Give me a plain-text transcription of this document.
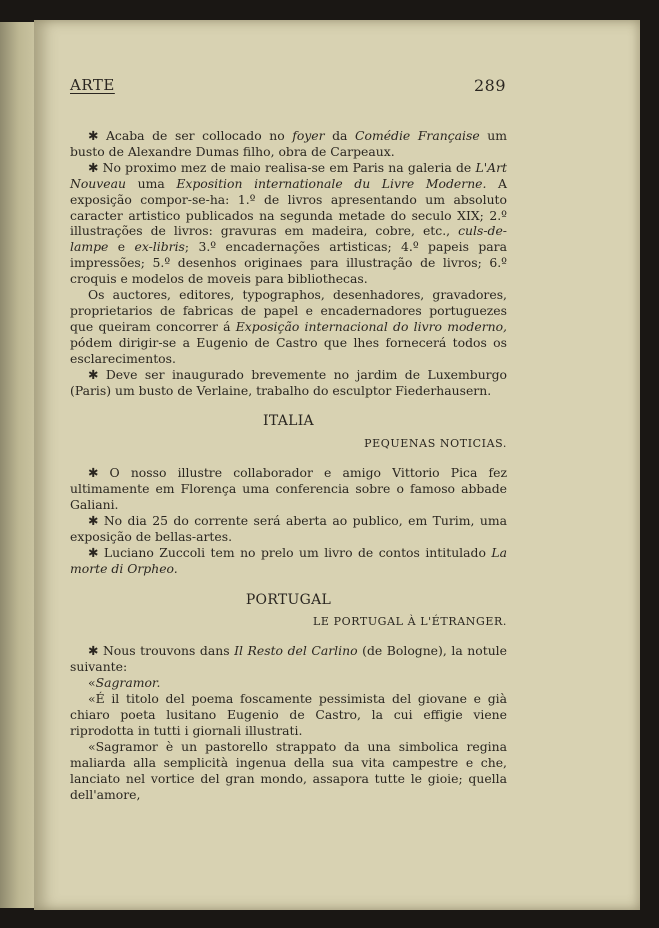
ARTE	289

✱ Acaba de ser collocado no foyer da Comédie Française um busto de Alexandre Dumas filho, obra de Carpeaux.

✱ No proximo mez de maio realisa-se em Paris na galeria de L'Art Nouveau uma Exposition internationale du Livre Moderne. A exposição compor-se-ha: 1.º de livros apresentando um absoluto caracter artistico publicados na segunda metade do seculo XIX; 2.º illustrações de livros: gravuras em madeira, cobre, etc., culs-de-lampe e ex-libris; 3.º encadernações artisticas; 4.º papeis para impressões; 5.º desenhos originaes para illustração de livros; 6.º croquis e modelos de moveis para bibliothecas.

Os auctores, editores, typographos, desenhadores, gravadores, proprietarios de fabricas de papel e encadernadores portuguezes que queiram concorrer á Exposição internacional do livro moderno, pódem dirigir-se a Eugenio de Castro que lhes fornecerá todos os esclarecimentos.

✱ Deve ser inaugurado brevemente no jardim de Luxemburgo (Paris) um busto de Verlaine, trabalho do esculptor Fiederhausern.

ITALIA
PEQUENAS NOTICIAS.

✱ O nosso illustre collaborador e amigo Vittorio Pica fez ultimamente em Florença uma conferencia sobre o famoso abbade Galiani.

✱ No dia 25 do corrente será aberta ao publico, em Turim, uma exposição de bellas-artes.

✱ Luciano Zuccoli tem no prelo um livro de contos intitulado La morte di Orpheo.

PORTUGAL
LE PORTUGAL À L'ÉTRANGER.

✱ Nous trouvons dans Il Resto del Carlino (de Bologne), la notule suivante:

«Sagramor.

«É il titolo del poema foscamente pessimista del giovane e già chiaro poeta lusitano Eugenio de Castro, la cui effigie viene riprodotta in tutti i giornali illustrati.

«Sagramor è un pastorello strappato da una simbolica regina maliarda alla semplicità ingenua della sua vita campestre e che, lanciato nel vortice del gran mondo, assapora tutte le gioie; quella dell'amore,
